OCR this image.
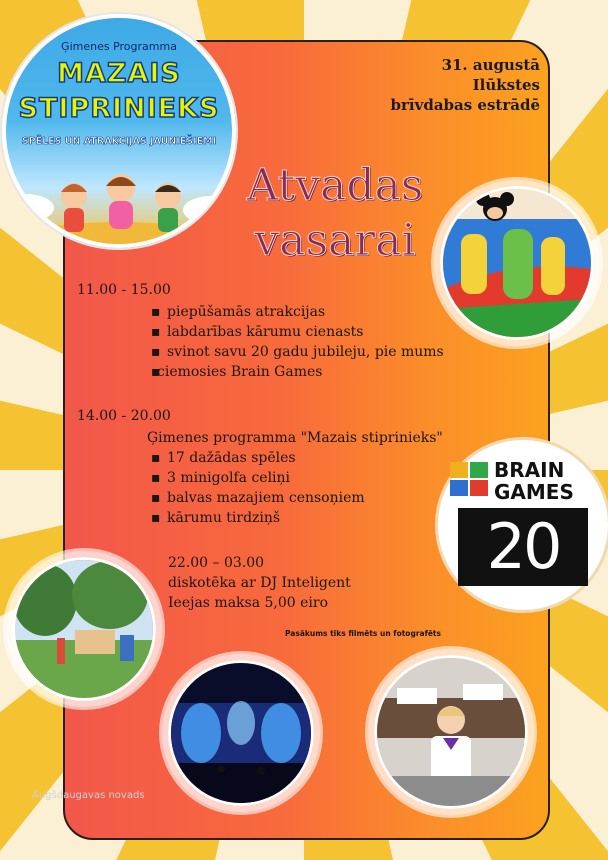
Ģimenes Programma
MAZAIS
STIPRINIEKS
SPĒLES UN ATRAKCIJAS JAUNIEŠIEMI
31. augustā
Ilūkstes
brīvdabas estrādē
Atvadas
vasarai
11.00 - 15.00
▪ piepūšamās atrakcijas
▪ labdarības kārumu cienasts
▪ svinot savu 20 gadu jubileju, pie mums
▪ ciemosies Brain Games
14.00 - 20.00
Ģimenes programma "Mazais stiprinieks"
▪ 17 dažādas spēles
▪ 3 minigolfa celiņi
▪ balvas mazajiem censoņiem
▪ kārumu tirdziņš
22.00 – 03.00
diskotēka ar DJ Inteligent
Ieejas maksa 5,00 eiro
Pasākums tiks filmēts un fotografēts
BRAIN
GAMES
20
Augšdaugavas novads
